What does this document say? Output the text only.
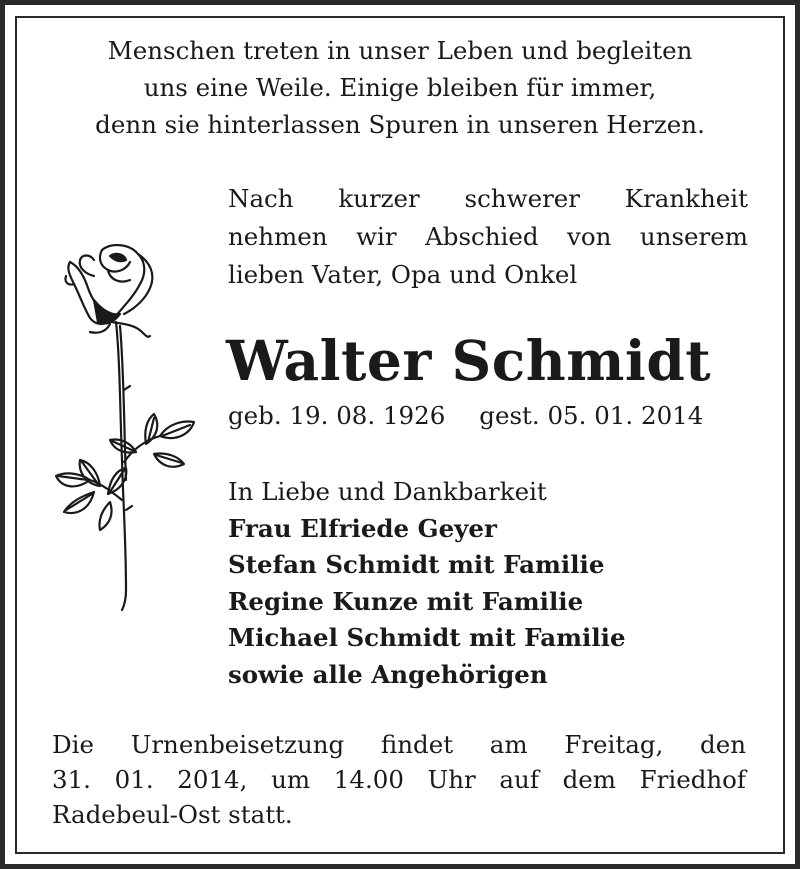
Menschen treten in unser Leben und begleiten
uns eine Weile. Einige bleiben für immer,
denn sie hinterlassen Spuren in unseren Herzen.
Nach kurzer schwerer Krankheit
nehmen wir Abschied von unserem
lieben Vater, Opa und Onkel
Walter Schmidt
geb. 19. 08. 1926 gest. 05. 01. 2014
In Liebe und Dankbarkeit
Frau Elfriede Geyer
Stefan Schmidt mit Familie
Regine Kunze mit Familie
Michael Schmidt mit Familie
sowie alle Angehörigen
Die Urnenbeisetzung findet am Freitag, den
31. 01. 2014, um 14.00 Uhr auf dem Friedhof
Radebeul-Ost statt.
